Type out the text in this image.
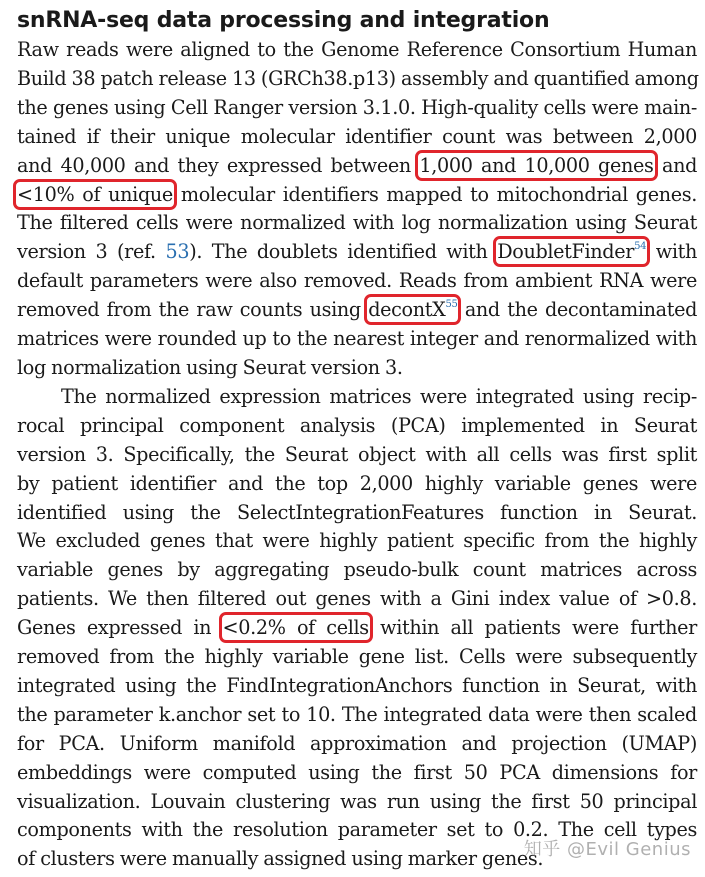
snRNA-seq data processing and integration

Raw reads were aligned to the Genome Reference Consortium Human
Build 38 patch release 13 (GRCh38.p13) assembly and quantified among
the genes using Cell Ranger version 3.1.0. High-quality cells were main-
tained if their unique molecular identifier count was between 2,000
and 40,000 and they expressed between 1,000 and 10,000 genes and
<10% of unique molecular identifiers mapped to mitochondrial genes.
The filtered cells were normalized with log normalization using Seurat
version 3 (ref. 53). The doublets identified with DoubletFinder$^{54}$ with
default parameters were also removed. Reads from ambient RNA were
removed from the raw counts using decontX$^{55}$ and the decontaminated
matrices were rounded up to the nearest integer and renormalized with
log normalization using Seurat version 3.

The normalized expression matrices were integrated using recip-
rocal principal component analysis (PCA) implemented in Seurat
version 3. Specifically, the Seurat object with all cells was first split
by patient identifier and the top 2,000 highly variable genes were
identified using the SelectIntegrationFeatures function in Seurat.
We excluded genes that were highly patient specific from the highly
variable genes by aggregating pseudo-bulk count matrices across
patients. We then filtered out genes with a Gini index value of >0.8.
Genes expressed in <0.2% of cells within all patients were further
removed from the highly variable gene list. Cells were subsequently
integrated using the FindIntegrationAnchors function in Seurat, with
the parameter k.anchor set to 10. The integrated data were then scaled
for PCA. Uniform manifold approximation and projection (UMAP)
embeddings were computed using the first 50 PCA dimensions for
visualization. Louvain clustering was run using the first 50 principal
components with the resolution parameter set to 0.2. The cell types
of clusters were manually assigned using marker genes.

知乎 @Evil Genius
